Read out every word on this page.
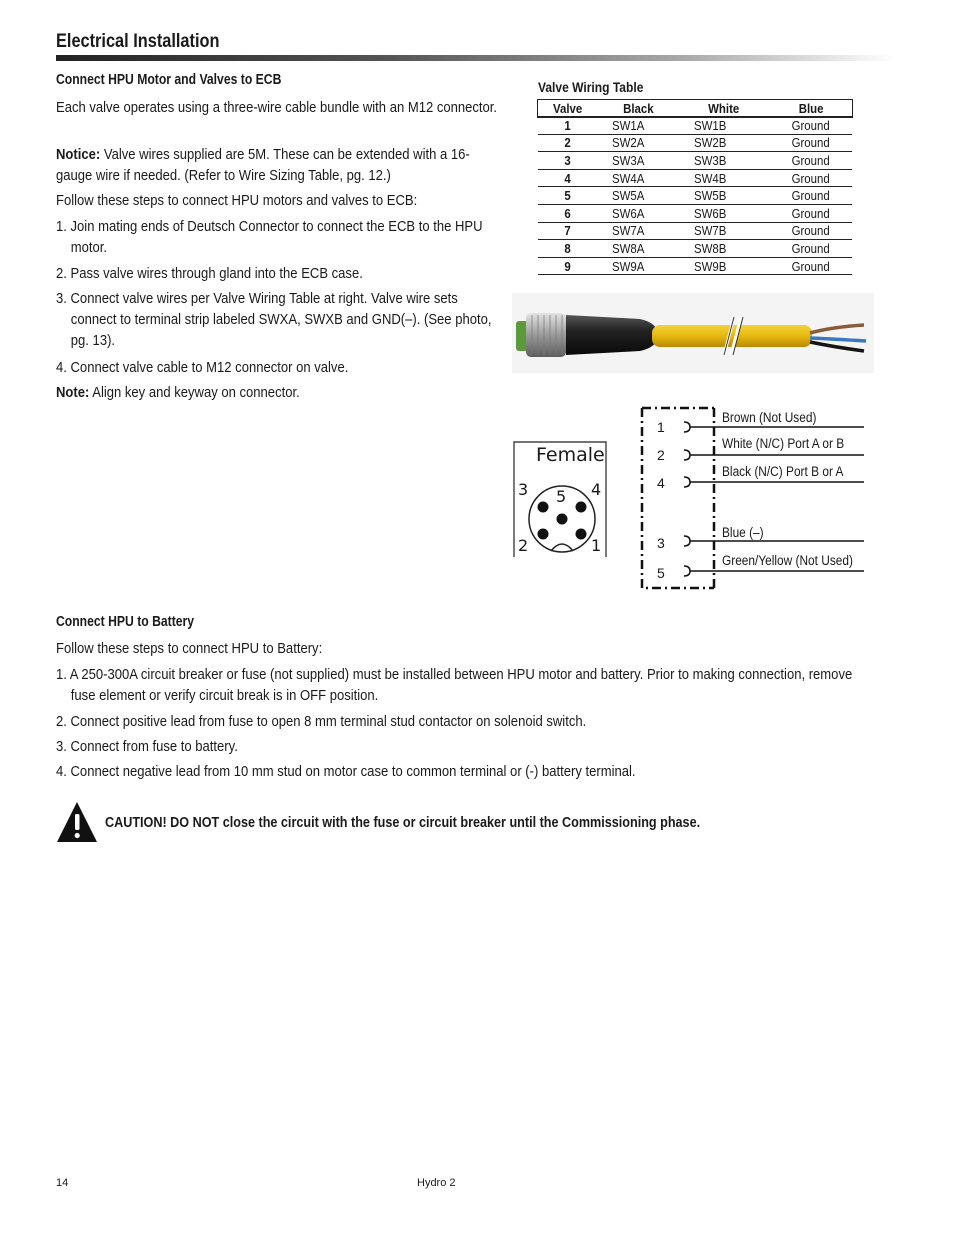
Electrical Installation
Connect HPU Motor and Valves to ECB

Each valve operates using a three-wire cable bundle with an M12 connector.

Notice: Valve wires supplied are 5M. These can be extended with a 16-gauge wire if needed. (Refer to Wire Sizing Table, pg. 12.)

Follow these steps to connect HPU motors and valves to ECB:

1. Join mating ends of Deutsch Connector to connect the ECB to the HPU motor.

2. Pass valve wires through gland into the ECB case.

3. Connect valve wires per Valve Wiring Table at right. Valve wire sets connect to terminal strip labeled SWXA, SWXB and GND(–). (See photo, pg. 13).

4. Connect valve cable to M12 connector on valve.

Note: Align key and keyway on connector.

Valve Wiring Table
Valve	Black	White	Blue
1	SW1A	SW1B	Ground
2	SW2A	SW2B	Ground
3	SW3A	SW3B	Ground
4	SW4A	SW4B	Ground
5	SW5A	SW5B	Ground
6	SW6A	SW6B	Ground
7	SW7A	SW7B	Ground
8	SW8A	SW8B	Ground
9	SW9A	SW9B	Ground
Female
3 5 4
2	1
1
2
4
3
5
Brown (Not Used)
White (N/C) Port A or B
Black (N/C) Port B or A
Blue (–)
Green/Yellow (Not Used)
Connect HPU to Battery

Follow these steps to connect HPU to Battery:

1. A 250-300A circuit breaker or fuse (not supplied) must be installed between HPU motor and battery. Prior to making connection, remove fuse element or verify circuit break is in OFF position.

2. Connect positive lead from fuse to open 8 mm terminal stud contactor on solenoid switch.

3. Connect from fuse to battery.

4. Connect negative lead from 10 mm stud on motor case to common terminal or (-) battery terminal.

CAUTION! DO NOT close the circuit with the fuse or circuit breaker until the Commissioning phase.
14	Hydro 2
